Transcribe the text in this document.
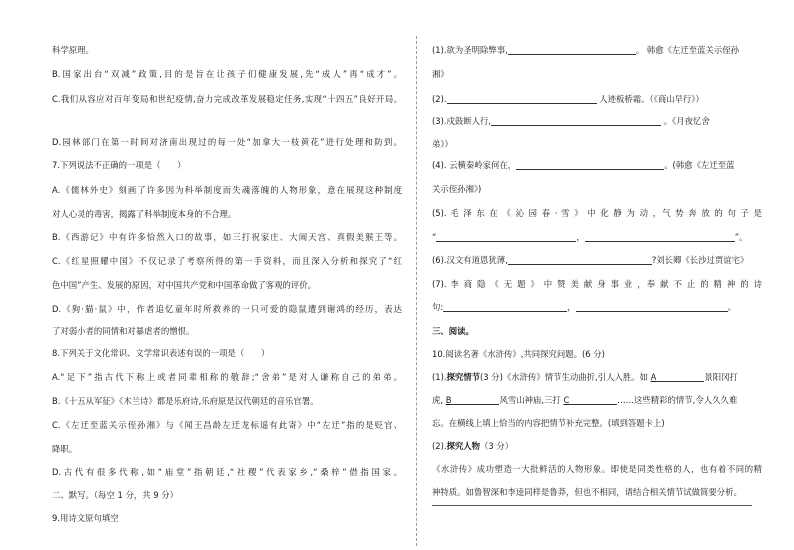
科学原理。
B.国家出台“双减”政策,目的是旨在让孩子们健康发展,先“成人”再“成才”。
C.我们从容应对百年变局和世纪疫情,奋力完成改革发展稳定任务,实现“十四五”良好开局。
D.园林部门在第一时间对济南出现过的每一处“加拿大一枝黄花”进行处理和防到。
7.下列说法不正确的一项是（　　）
A.《儒林外史》刻画了许多因为科举制度而失魂落魄的人物形象，意在展现这种制度
对人心灵的毒害，揭露了科举制度本身的不合理。
B.《西游记》中有许多恰然入口的故事，如三打祝家庄、大闹天宫、真假美猴王等。
C.《红星照耀中国》不仅记录了考察所得的第一手资料，而且深入分析和探究了“红
色中国”产生、发展的原因，对中国共产党和中国革命做了客观的评价。
D.《狗·猫·鼠》中，作者追忆童年时所救养的一只可爱的隐鼠遭到谢鸿的经历，表达
了对弱小者的同情和对暴虐者的憎恨。
8.下列关于文化常识、文学常识表述有误的一项是（　　）
A.“足下”指古代下称上或者同辈相称的敬辞;“舍弟”是对人谦称自己的弟弟。
B.《十五从军征》《木兰诗》都是乐府诗,乐府原是汉代朝廷的音乐官署。
C.《左迁至蓝关示侄孙湘》与《闻王昌龄左迁龙标遥有此寄》中“左迁”指的是贬官、
降职。
D.古代有很多代称,如“庙堂”指朝廷,“社稷”代表家乡,“桑梓”借指国家。
二、默写。（每空 1 分，共 9 分）
9.用诗文原句填空
(1).欲为圣明除弊事,	。 韩愈《左迁至蓝关示侄孙
湘》
(2).	人迹板桥霜。（《商山早行》）
(3).戍鼓断人行,	。《月夜忆舍
弟》）
(4). 云横秦岭家何在，	。(韩愈《左迁至蓝
关示侄孙湘》)
(5). 毛 泽 东 在 《 沁 园 春 · 雪 》 中 化 静 为 动 ，气 势 奔 放 的 句 子 是
“	，	”。
(6).汉文有道恩犹薄,	?刘长卿《长沙过贾谊宅》
(7). 李 商 隐 《 无 题 》 中 赞 美 献 身 事 业 ，奉 献 不 止 的 精 神 的 诗
句:	，	。
三、阅读。
10.阅读名著《水浒传》,共同探究问题。(6 分)
(1).探究情节(3 分)《水浒传》情节生动曲折,引人入胜。如 A	景阳冈打
虎, B	风雪山神庙,三打 C	……这些精彩的情节,令人久久难
忘。在横线上填上恰当的内容把情节补充完整。(填到答题卡上)
(2).探究人物（3 分）
《水浒传》成功塑造一大批鲜活的人物形象。即使是同类性格的人，也有着不同的精
神特质。如鲁智深和李逵同样是鲁莽，但也不相同，请结合相关情节试做简要分析。
